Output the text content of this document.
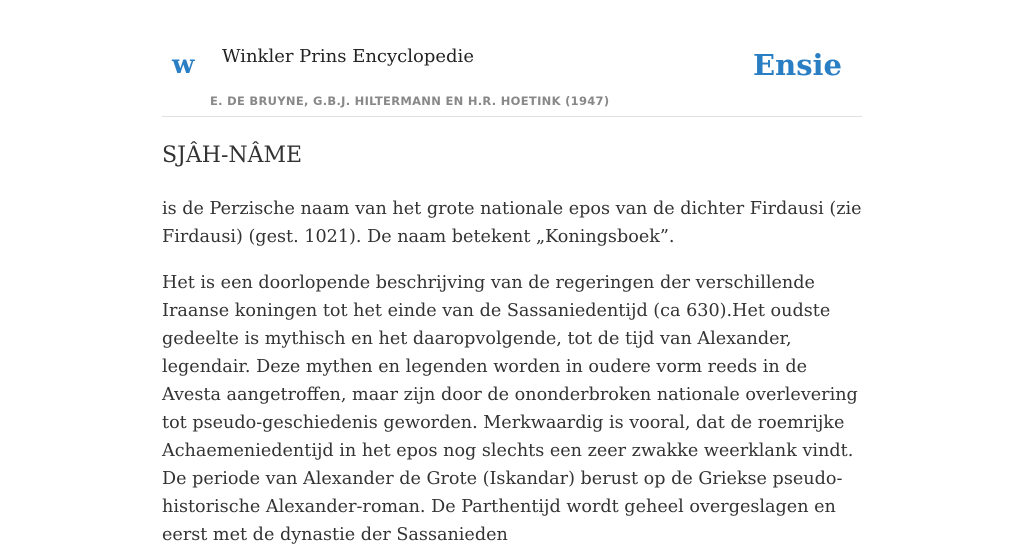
w Winkler Prins Encyclopedie
E. DE BRUYNE, G.B.J. HILTERMANN EN H.R. HOETINK (1947)
Ensie
SJÂH-NÂME

is de Perzische naam van het grote nationale epos van de dichter Firdausi (zie Firdausi) (gest. 1021). De naam betekent „Koningsboek”.

Het is een doorlopende beschrijving van de regeringen der verschillende Iraanse koningen tot het einde van de Sassaniedentijd (ca 630).Het oudste gedeelte is mythisch en het daaropvolgende, tot de tijd van Alexander, legendair. Deze mythen en legenden worden in oudere vorm reeds in de Avesta aangetroffen, maar zijn door de ononderbroken nationale overlevering tot pseudo-geschiedenis geworden. Merkwaardig is vooral, dat de roemrijke Achaemeniedentijd in het epos nog slechts een zeer zwakke weerklank vindt. De periode van Alexander de Grote (Iskandar) berust op de Griekse pseudo-historische Alexander-roman. De Parthentijd wordt geheel overgeslagen en eerst met de dynastie der Sassanieden
